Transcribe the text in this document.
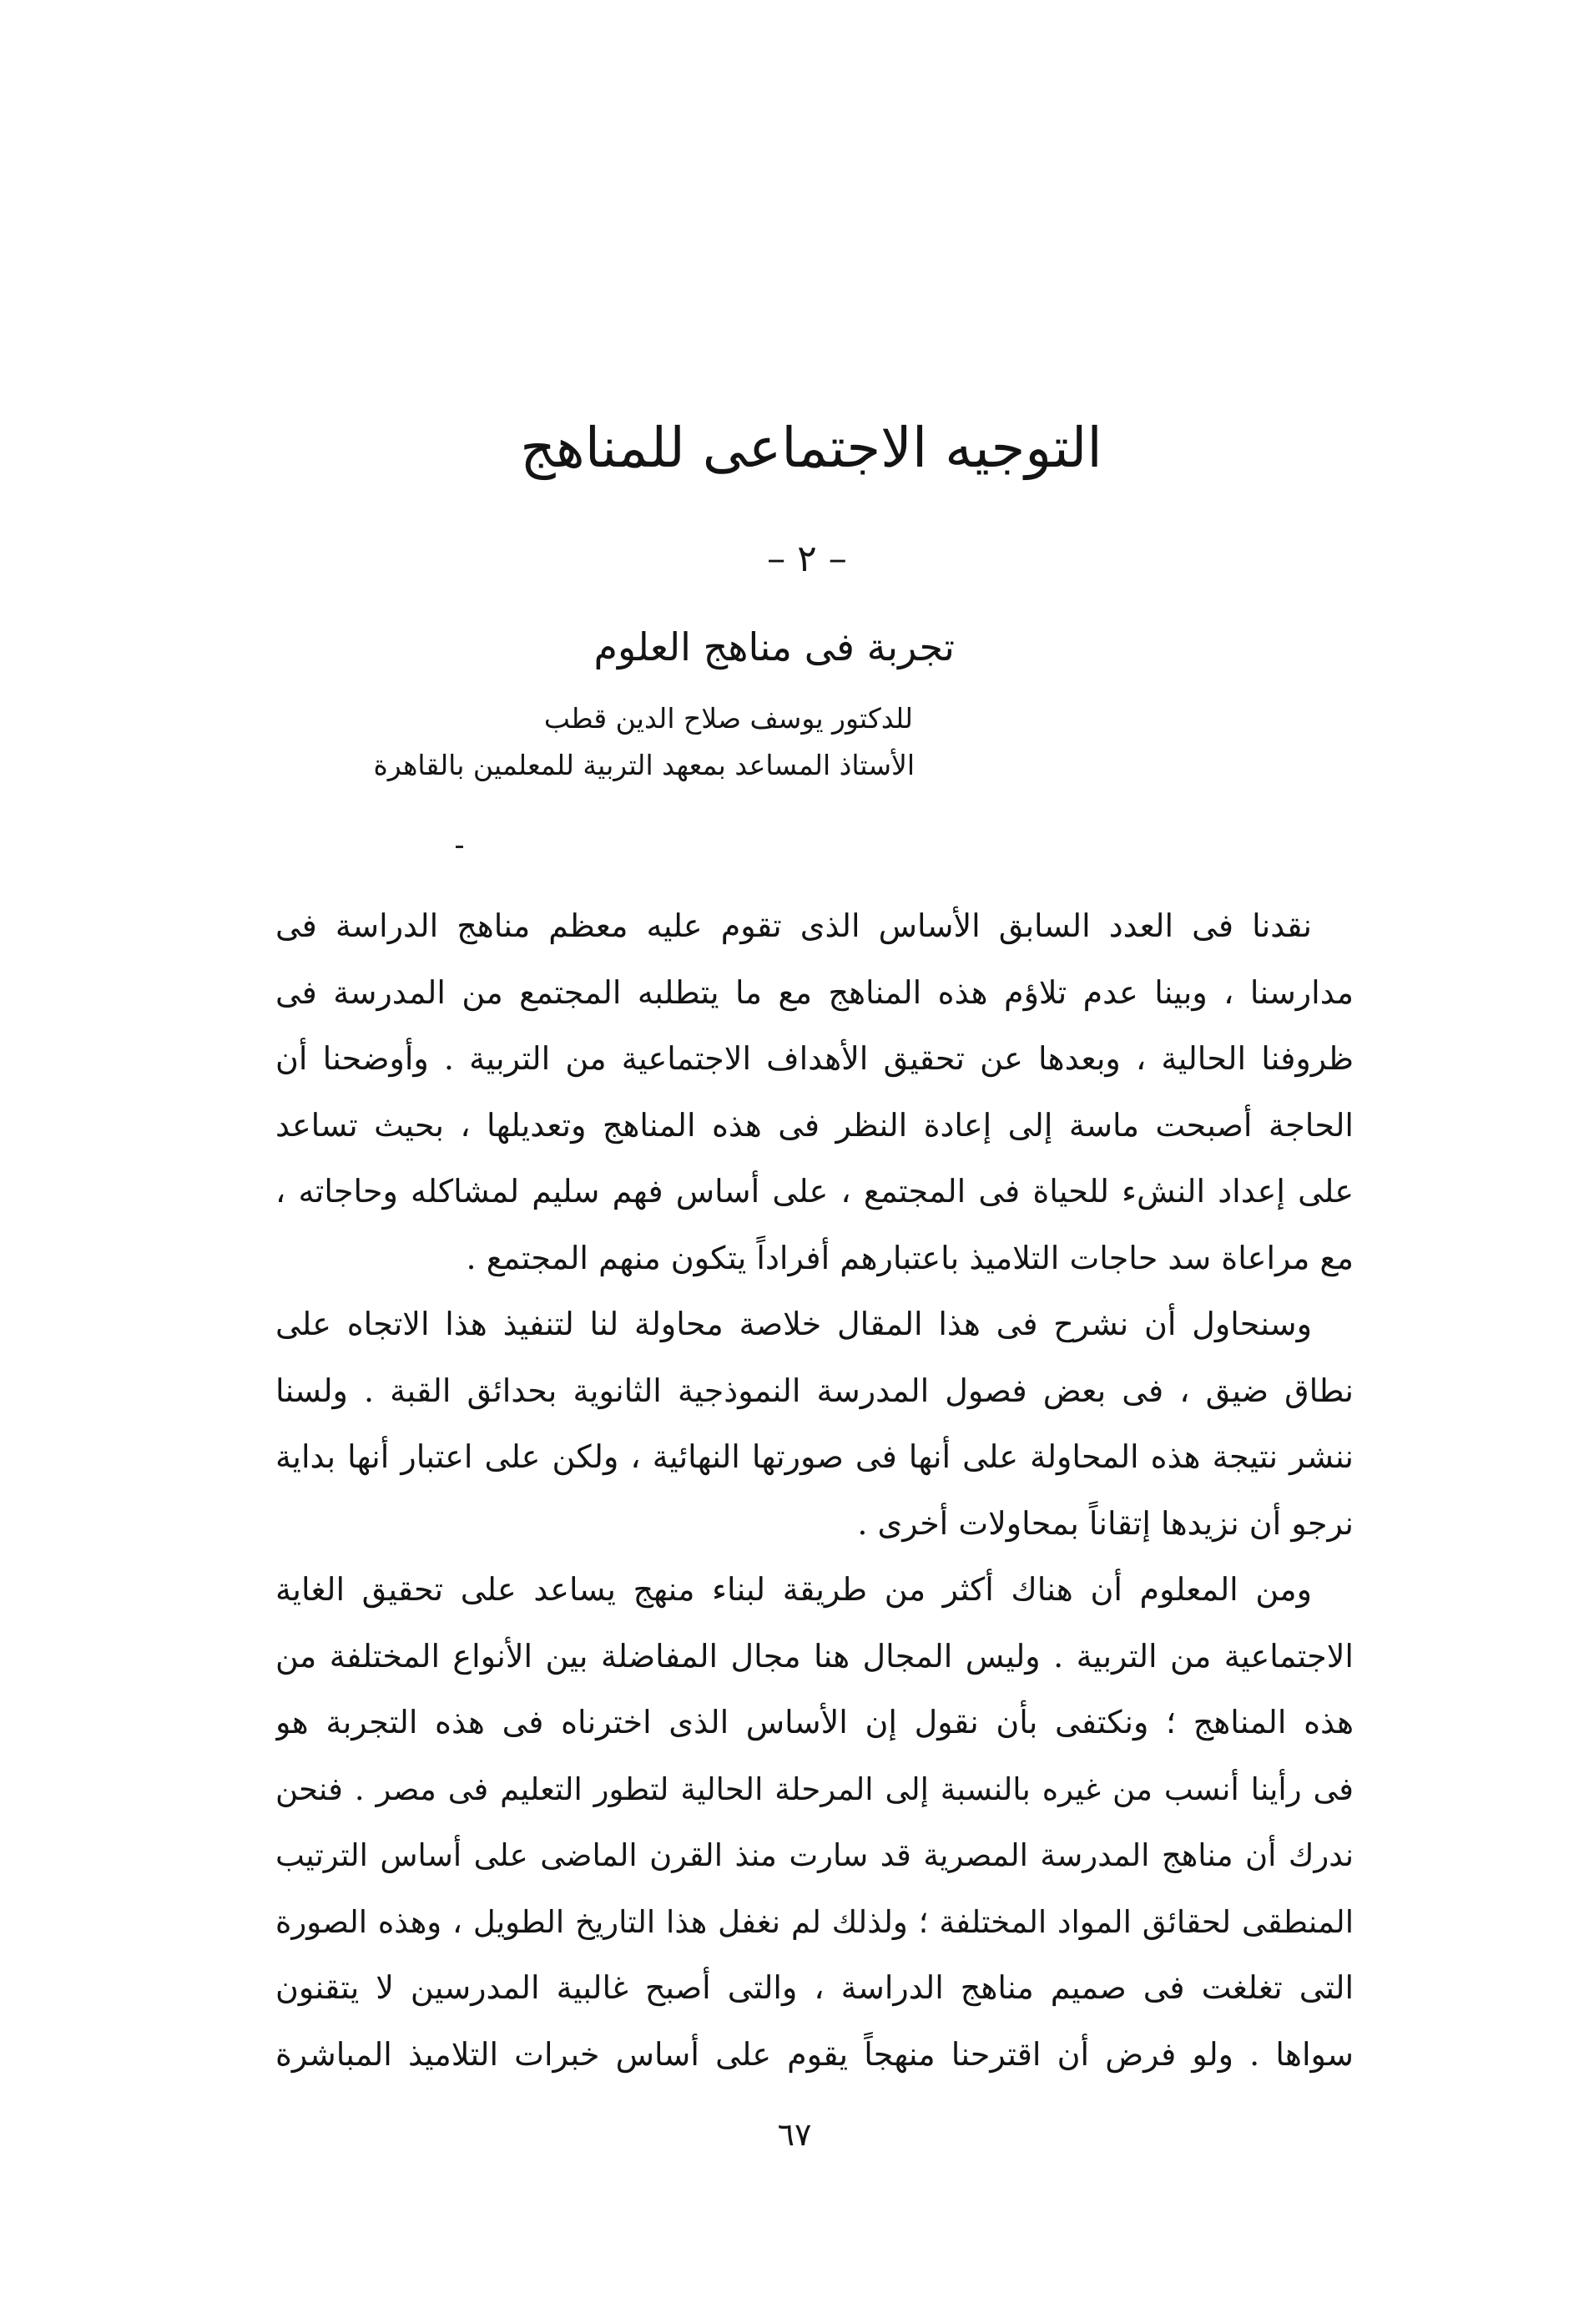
التوجيه الاجتماعى للمناهج
– ٢ –
تجربة فى مناهج العلوم
للدكتور يوسف صلاح الدين قطب
الأستاذ المساعد بمعهد التربية للمعلمين بالقاهرة
نقدنا فى العدد السابق الأساس الذى تقوم عليه معظم مناهج الدراسة فى
مدارسنا ، وبينا عدم تلاؤم هذه المناهج مع ما يتطلبه المجتمع من المدرسة فى
ظروفنا الحالية ، وبعدها عن تحقيق الأهداف الاجتماعية من التربية . وأوضحنا أن
الحاجة أصبحت ماسة إلى إعادة النظر فى هذه المناهج وتعديلها ، بحيث تساعد
على إعداد النشء للحياة فى المجتمع ، على أساس فهم سليم لمشاكله وحاجاته ،
مع مراعاة سد حاجات التلاميذ باعتبارهم أفراداً يتكون منهم المجتمع .
وسنحاول أن نشرح فى هذا المقال خلاصة محاولة لنا لتنفيذ هذا الاتجاه على
نطاق ضيق ، فى بعض فصول المدرسة النموذجية الثانوية بحدائق القبة . ولسنا
ننشر نتيجة هذه المحاولة على أنها فى صورتها النهائية ، ولكن على اعتبار أنها بداية
نرجو أن نزيدها إتقاناً بمحاولات أخرى .
ومن المعلوم أن هناك أكثر من طريقة لبناء منهج يساعد على تحقيق الغاية
الاجتماعية من التربية . وليس المجال هنا مجال المفاضلة بين الأنواع المختلفة من
هذه المناهج ؛ ونكتفى بأن نقول إن الأساس الذى اخترناه فى هذه التجربة هو
فى رأينا أنسب من غيره بالنسبة إلى المرحلة الحالية لتطور التعليم فى مصر . فنحن
ندرك أن مناهج المدرسة المصرية قد سارت منذ القرن الماضى على أساس الترتيب
المنطقى لحقائق المواد المختلفة ؛ ولذلك لم نغفل هذا التاريخ الطويل ، وهذه الصورة
التى تغلغت فى صميم مناهج الدراسة ، والتى أصبح غالبية المدرسين لا يتقنون
سواها . ولو فرض أن اقترحنا منهجاً يقوم على أساس خبرات التلاميذ المباشرة
٦٧
